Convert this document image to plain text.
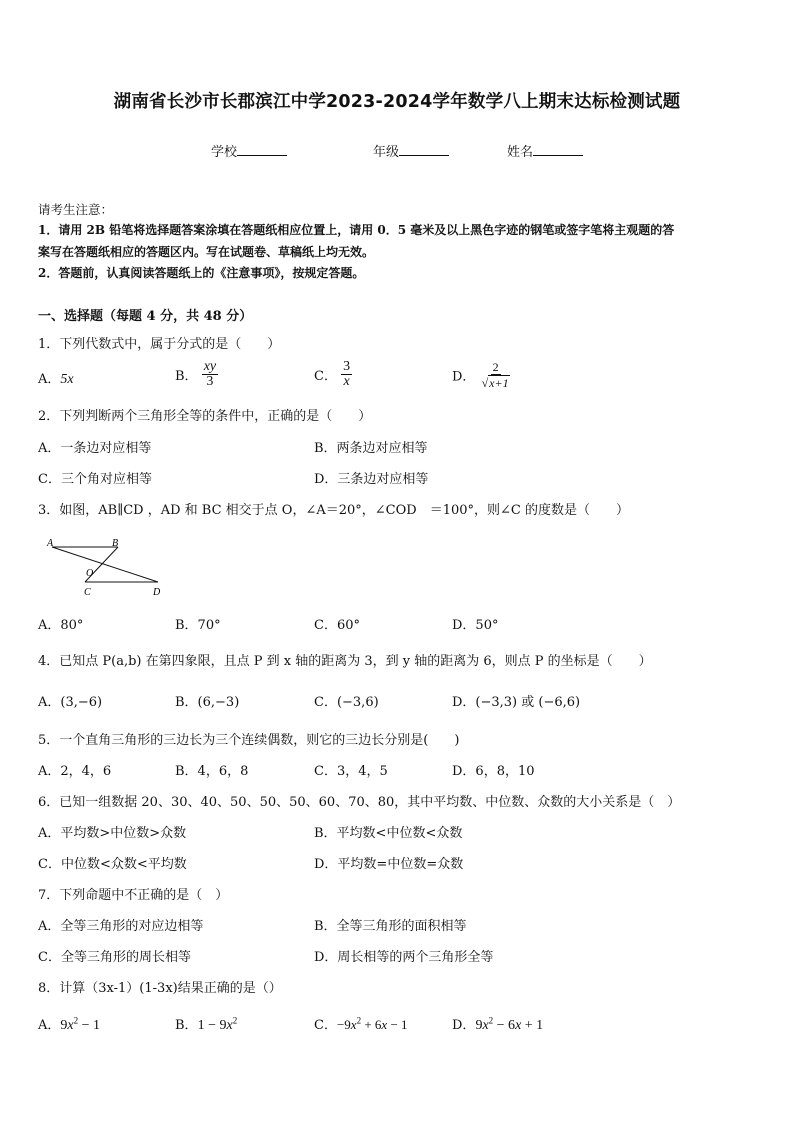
湖南省长沙市长郡滨江中学2023-2024学年数学八上期末达标检测试题
学校	年级	姓名
请考生注意：
1．请用 2B 铅笔将选择题答案涂填在答题纸相应位置上，请用 0．5 毫米及以上黑色字迹的钢笔或签字笔将主观题的答
案写在答题纸相应的答题区内。写在试题卷、草稿纸上均无效。
2．答题前，认真阅读答题纸上的《注意事项》，按规定答题。
一、选择题（每题 4 分，共 48 分）
1．下列代数式中，属于分式的是（　　）
A．5x	B． $\frac{xy}{3}$	C． $\frac{3}{x}$	D． $\frac{2}{√x+1}$
2．下列判断两个三角形全等的条件中，正确的是（　　）
A．一条边对应相等	B．两条边对应相等
C．三个角对应相等	D．三条边对应相等
3．如图，AB∥CD ，AD 和 BC 相交于点 O，∠A＝20°，∠COD　＝100°，则∠C 的度数是（　　）
A	B
O
C	D
A．80°	B．70°	C．60°	D．50°
4．已知点 P(a,b) 在第四象限，且点 P 到 x 轴的距离为 3，到 y 轴的距离为 6，则点 P 的坐标是（　　）
A．(3,−6)	B．(6,−3)	C．(−3,6)	D．(−3,3) 或 (−6,6)
5．一个直角三角形的三边长为三个连续偶数，则它的三边长分别是(　　)
A．2，4，6	B．4，6，8	C．3，4，5	D．6，8，10
6．已知一组数据 20、30、40、50、50、50、60、70、80，其中平均数、中位数、众数的大小关系是（　）
A．平均数>中位数>众数	B．平均数<中位数<众数
C．中位数<众数<平均数	D．平均数=中位数=众数
7．下列命题中不正确的是（　）
A．全等三角形的对应边相等	B．全等三角形的面积相等
C．全等三角形的周长相等	D．周长相等的两个三角形全等
8．计算（3x-1）(1-3x)结果正确的是（）
A．$9x^2 - 1$	B．$1 - 9x^2$	C．$-9x^2 + 6x - 1$	D．$9x^2 - 6x + 1$
